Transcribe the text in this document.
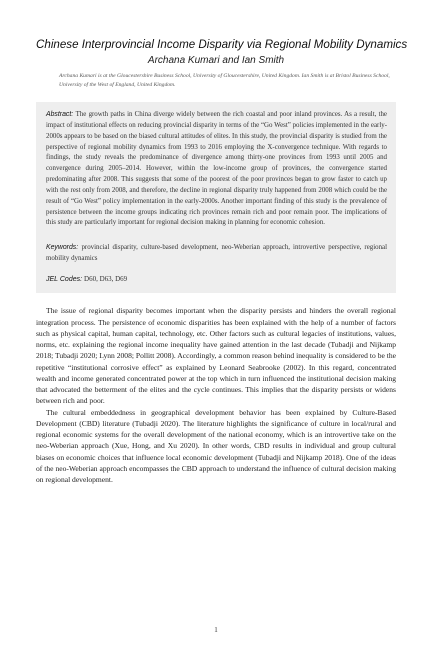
Chinese Interprovincial Income Disparity via Regional Mobility Dynamics
Archana Kumari and Ian Smith

Archana Kumari is at the Gloucestershire Business School, University of Gloucestershire, United Kingdom. Ian Smith is at Bristol Business School, University of the West of England, United Kingdom.

Abstract: The growth paths in China diverge widely between the rich coastal and poor inland provinces. As a result, the impact of institutional effects on reducing provincial disparity in terms of the “Go West” policies implemented in the early-2000s appears to be based on the biased cultural attitudes of elites. In this study, the provincial disparity is studied from the perspective of regional mobility dynamics from 1993 to 2016 employing the X-convergence technique. With regards to findings, the study reveals the predominance of divergence among thirty-one provinces from 1993 until 2005 and convergence during 2005–2014. However, within the low-income group of provinces, the convergence started predominating after 2008. This suggests that some of the poorest of the poor provinces began to grow faster to catch up with the rest only from 2008, and therefore, the decline in regional disparity truly happened from 2008 which could be the result of “Go West” policy implementation in the early-2000s. Another important finding of this study is the prevalence of persistence between the income groups indicating rich provinces remain rich and poor remain poor. The implications of this study are particularly important for regional decision making in planning for economic cohesion.

Keywords: provincial disparity, culture-based development, neo-Weberian approach, introvertive perspective, regional mobility dynamics

JEL Codes: D60, D63, D69

The issue of regional disparity becomes important when the disparity persists and hinders the overall regional integration process. The persistence of economic disparities has been explained with the help of a number of factors such as physical capital, human capital, technology, etc. Other factors such as cultural legacies of institutions, values, norms, etc. explaining the regional income inequality have gained attention in the last decade (Tubadji and Nijkamp 2018; Tubadji 2020; Lynn 2008; Pollitt 2008). Accordingly, a common reason behind inequality is considered to be the repetitive “institutional corrosive effect” as explained by Leonard Seabrooke (2002). In this regard, concentrated wealth and income generated concentrated power at the top which in turn influenced the institutional decision making that advocated the betterment of the elites and the cycle continues. This implies that the disparity persists or widens between rich and poor.

The cultural embeddedness in geographical development behavior has been explained by Culture-Based Development (CBD) literature (Tubadji 2020). The literature highlights the significance of culture in local/rural and regional economic systems for the overall development of the national economy, which is an introvertive take on the neo-Weberian approach (Xue, Hong, and Xu 2020). In other words, CBD results in individual and group cultural biases on economic choices that influence local economic development (Tubadji and Nijkamp 2018). One of the ideas of the neo-Weberian approach encompasses the CBD approach to understand the influence of cultural decision making on regional development.

1
